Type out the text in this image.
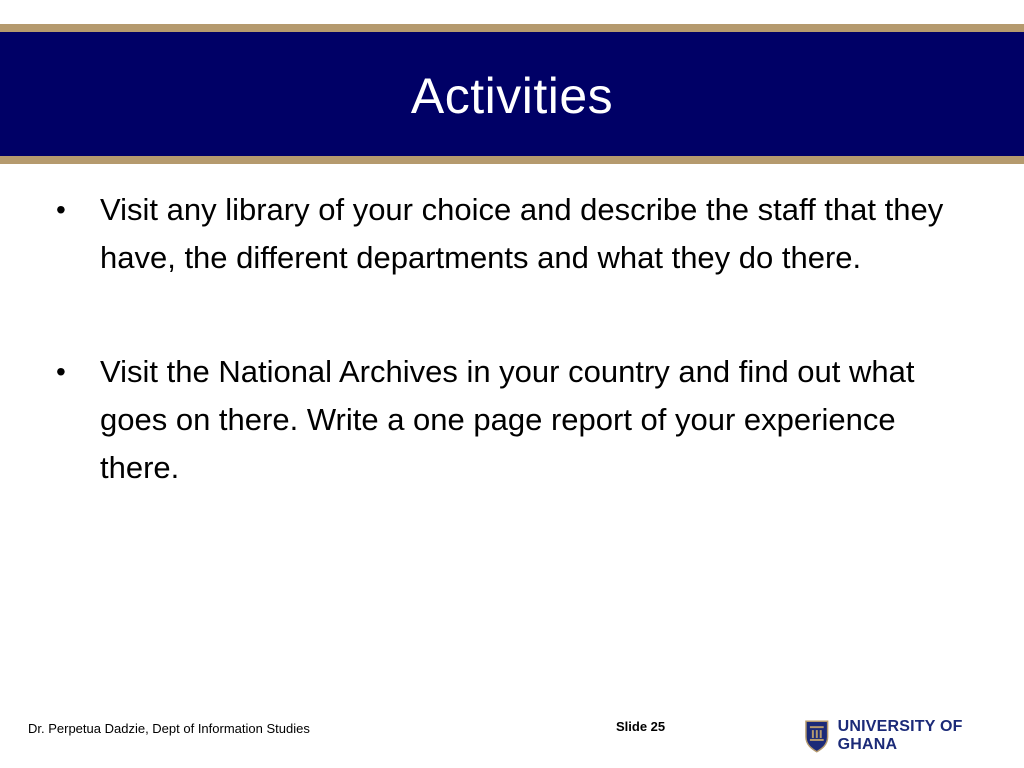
Activities
• Visit any library of your choice and describe the staff that they have, the different departments and what they do there.
• Visit the National Archives in your country and find out what goes on there. Write a one page report of your experience there.
Dr. Perpetua Dadzie, Dept of Information Studies	Slide 25	UNIVERSITY OF GHANA
